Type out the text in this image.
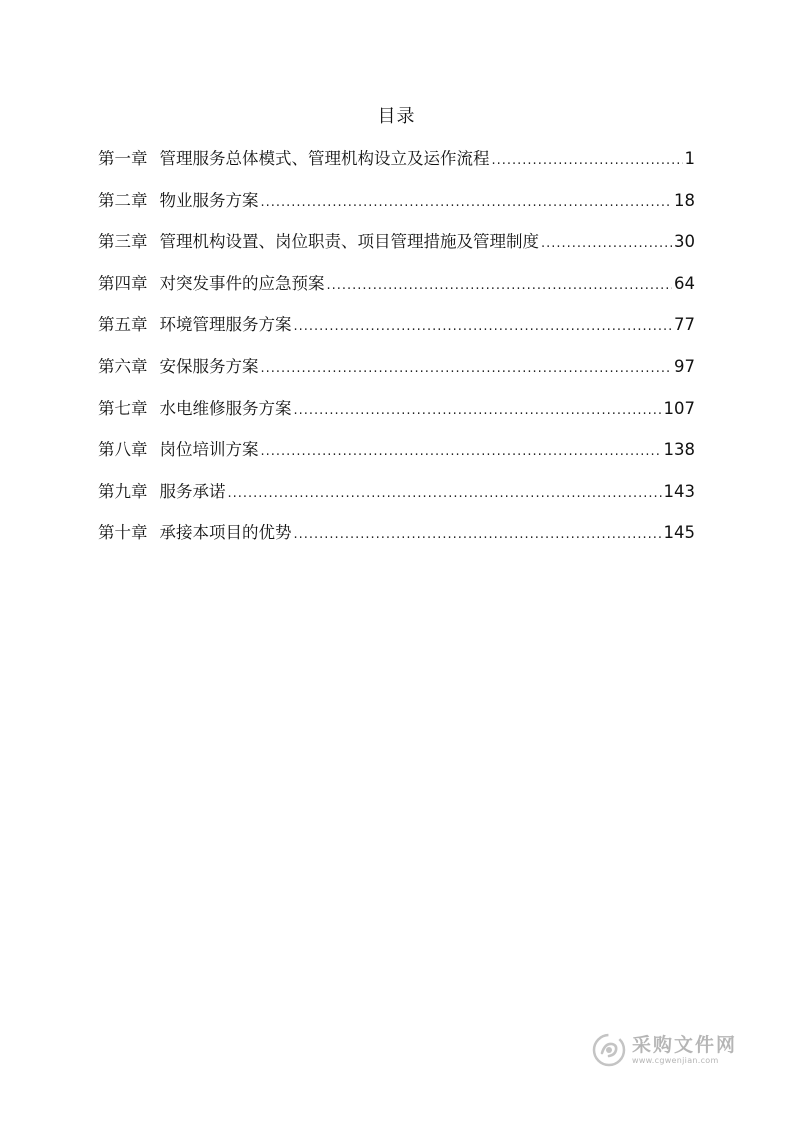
目录
第一章 管理服务总体模式、管理机构设立及运作流程 .....	1
第二章 物业服务方案 .....	18
第三章 管理机构设置、岗位职责、项目管理措施及管理制度 .....	30
第四章 对突发事件的应急预案 .....	64
第五章 环境管理服务方案 .....	77
第六章 安保服务方案 .....	97
第七章 水电维修服务方案 .....	107
第八章 岗位培训方案 .....	138
第九章 服务承诺 .....	143
第十章 承接本项目的优势 .....	145
采购文件网
www.cgwenjian.com
